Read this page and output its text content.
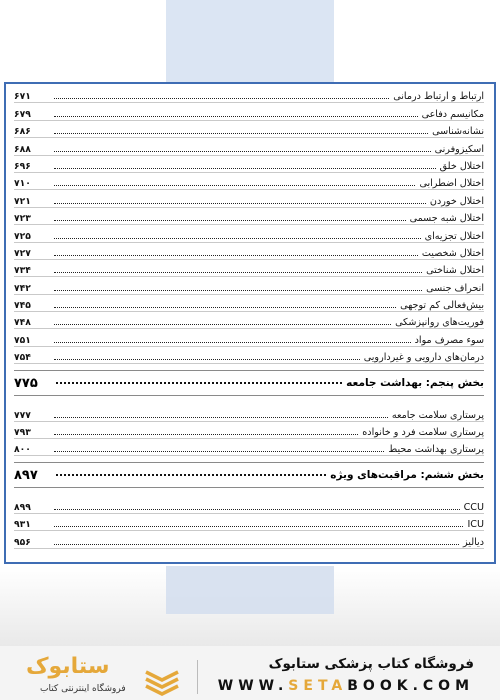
ارتباط و ارتباط درمانی
۶۷۱
مکانیسم دفاعی
۶۷۹
نشانه‌شناسی
۶۸۶
اسکیزوفرنی
۶۸۸
اختلال خلق
۶۹۶
اختلال اضطرابی
۷۱۰
اختلال خوردن
۷۲۱
اختلال شبه جسمی
۷۲۳
اختلال تجزیه‌ای
۷۲۵
اختلال شخصیت
۷۲۷
اختلال شناختی
۷۳۴
انحراف جنسی
۷۴۲
بیش‌فعالی کم توجهی
۷۴۵
فوریت‌های روانپزشکی
۷۴۸
سوء مصرف مواد
۷۵۱
درمان‌های دارویی و غیردارویی
۷۵۴
بخش پنجم: بهداشت جامعه
۷۷۵
پرستاری سلامت جامعه
۷۷۷
پرستاری سلامت فرد و خانواده
۷۹۳
پرستاری بهداشت محیط
۸۰۰
بخش ششم: مراقبت‌های ویژه
۸۹۷
CCU
۸۹۹
ICU
۹۳۱
دیالیز
۹۵۶
ستابوک
فروشگاه اینترنتی کتاب
فروشگاه کتاب پزشکی ستابوک
WWW.SETABOOK.COM
